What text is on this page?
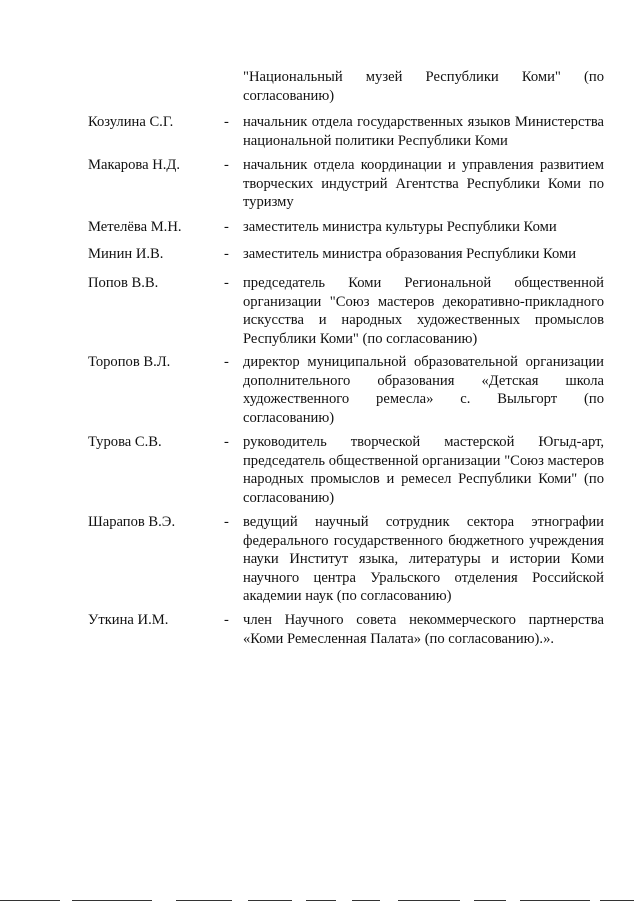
"Национальный музей Республики Коми" (по согласованию)
Козулина С.Г.	- начальник отдела государственных языков Министерства национальной политики Республики Коми
Макарова Н.Д.	- начальник отдела координации и управления развитием творческих индустрий Агентства Республики Коми по туризму
Метелёва М.Н.	- заместитель министра культуры Республики Коми
Минин И.В.	- заместитель министра образования Республики Коми
Попов В.В.	- председатель Коми Региональной общественной организации "Союз мастеров декоративно-прикладного искусства и народных художественных промыслов Республики Коми" (по согласованию)
Торопов В.Л.	- директор муниципальной образовательной организации дополнительного образования «Детская школа художественного ремесла» с. Выльгорт (по согласованию)
Турова С.В.	- руководитель творческой мастерской Югыд-арт, председатель общественной организации "Союз мастеров народных промыслов и ремесел Республики Коми" (по согласованию)
Шарапов В.Э.	- ведущий научный сотрудник сектора этнографии федерального государственного бюджетного учреждения науки Институт языка, литературы и истории Коми научного центра Уральского отделения Российской академии наук (по согласованию)
Уткина И.М.	- член Научного совета некоммерческого партнерства «Коми Ремесленная Палата» (по согласованию).».
